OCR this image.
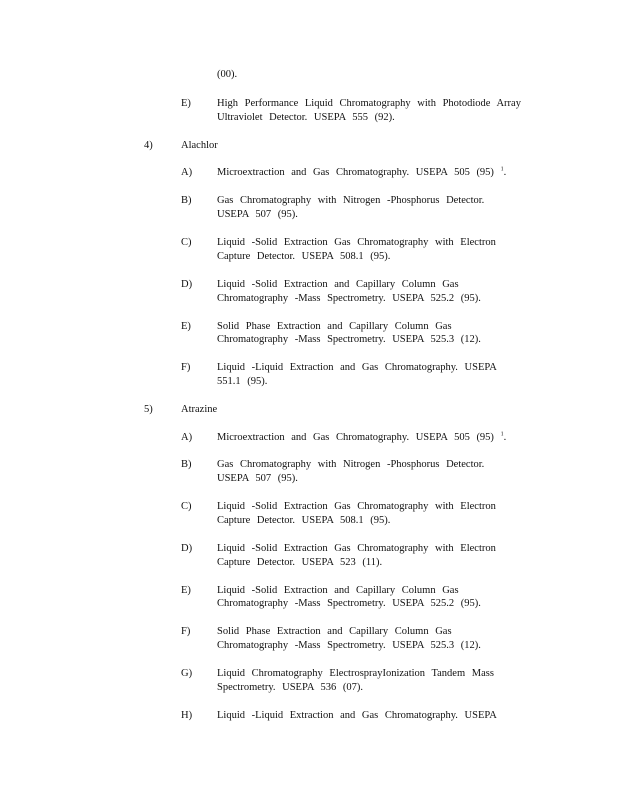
(00).
E) High Performance Liquid Chromatography with Photodiode Array
Ultraviolet Detector. USEPA 555 (92).
4)	Alachlor
A) Microextraction and Gas Chromatography. USEPA 505 (95) $^1$.
B) Gas Chromatography with Nitrogen -Phosphorus Detector.
USEPA 507 (95).
C) Liquid -Solid Extraction Gas Chromatography with Electron
Capture Detector. USEPA 508.1 (95).
D) Liquid -Solid Extraction and Capillary Column Gas
Chromatography -Mass Spectrometry. USEPA 525.2 (95).
E) Solid Phase Extraction and Capillary Column Gas
Chromatography -Mass Spectrometry. USEPA 525.3 (12).
F)	Liquid -Liquid Extraction and Gas Chromatography. USEPA
551.1 (95).
5)	Atrazine
A) Microextraction and Gas Chromatography. USEPA 505 (95) $^1$.
B) Gas Chromatography with Nitrogen -Phosphorus Detector.
USEPA 507 (95).
C) Liquid -Solid Extraction Gas Chromatography with Electron
Capture Detector. USEPA 508.1 (95).
D) Liquid -Solid Extraction Gas Chromatography with Electron
Capture Detector. USEPA 523 (11).
E) Liquid -Solid Extraction and Capillary Column Gas
Chromatography -Mass Spectrometry. USEPA 525.2 (95).
F)	Solid Phase Extraction and Capillary Column Gas
Chromatography -Mass Spectrometry. USEPA 525.3 (12).
G) Liquid Chromatography ElectrosprayIonization Tandem Mass
Spectrometry. USEPA 536 (07).
H) Liquid -Liquid Extraction and Gas Chromatography. USEPA
